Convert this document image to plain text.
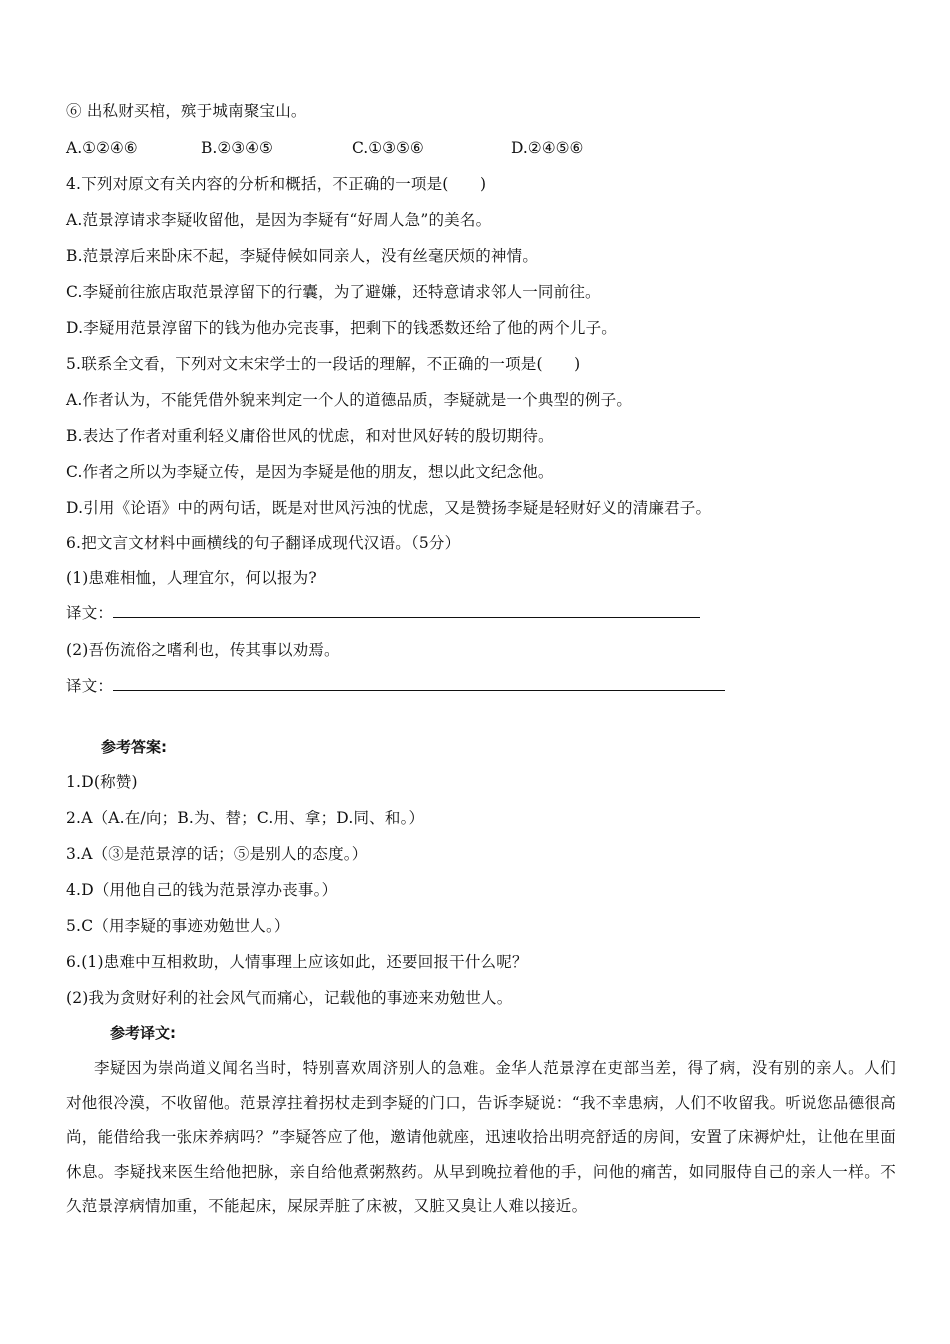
⑥ 出私财买棺，殡于城南聚宝山。
A.①②④⑥	B.②③④⑤	C.①③⑤⑥	D.②④⑤⑥
4.下列对原文有关内容的分析和概括，不正确的一项是(　　)
A.范景淳请求李疑收留他，是因为李疑有“好周人急”的美名。
B.范景淳后来卧床不起，李疑侍候如同亲人，没有丝毫厌烦的神情。
C.李疑前往旅店取范景淳留下的行囊，为了避嫌，还特意请求邻人一同前往。
D.李疑用范景淳留下的钱为他办完丧事，把剩下的钱悉数还给了他的两个儿子。
5.联系全文看，下列对文末宋学士的一段话的理解，不正确的一项是(　　)
A.作者认为，不能凭借外貌来判定一个人的道德品质，李疑就是一个典型的例子。
B.表达了作者对重利轻义庸俗世风的忧虑，和对世风好转的殷切期待。
C.作者之所以为李疑立传，是因为李疑是他的朋友，想以此文纪念他。
D.引用《论语》中的两句话，既是对世风污浊的忧虑，又是赞扬李疑是轻财好义的清廉君子。
6.把文言文材料中画横线的句子翻译成现代汉语。（5分）
(1)患难相恤，人理宜尔，何以报为?
译文：
(2)吾伤流俗之嗜利也，传其事以劝焉。
译文：
参考答案:
1.D(称赞)
2.A（A.在/向；B.为、替；C.用、拿；D.同、和。）
3.A（③是范景淳的话；⑤是别人的态度。）
4.D（用他自己的钱为范景淳办丧事。）
5.C（用李疑的事迹劝勉世人。）
6.(1)患难中互相救助，人情事理上应该如此，还要回报干什么呢？
(2)我为贪财好利的社会风气而痛心，记载他的事迹来劝勉世人。
参考译文:
李疑因为崇尚道义闻名当时，特别喜欢周济别人的急难。金华人范景淳在吏部当差，得了病，没有别的亲人。人们对他很冷漠，不收留他。范景淳拄着拐杖走到李疑的门口，告诉李疑说：“我不幸患病，人们不收留我。听说您品德很高尚，能借给我一张床养病吗？”李疑答应了他，邀请他就座，迅速收拾出明亮舒适的房间，安置了床褥炉灶，让他在里面休息。李疑找来医生给他把脉，亲自给他煮粥熬药。从早到晚拉着他的手，问他的痛苦，如同服侍自己的亲人一样。不久范景淳病情加重，不能起床，屎尿弄脏了床被，又脏又臭让人难以接近。
